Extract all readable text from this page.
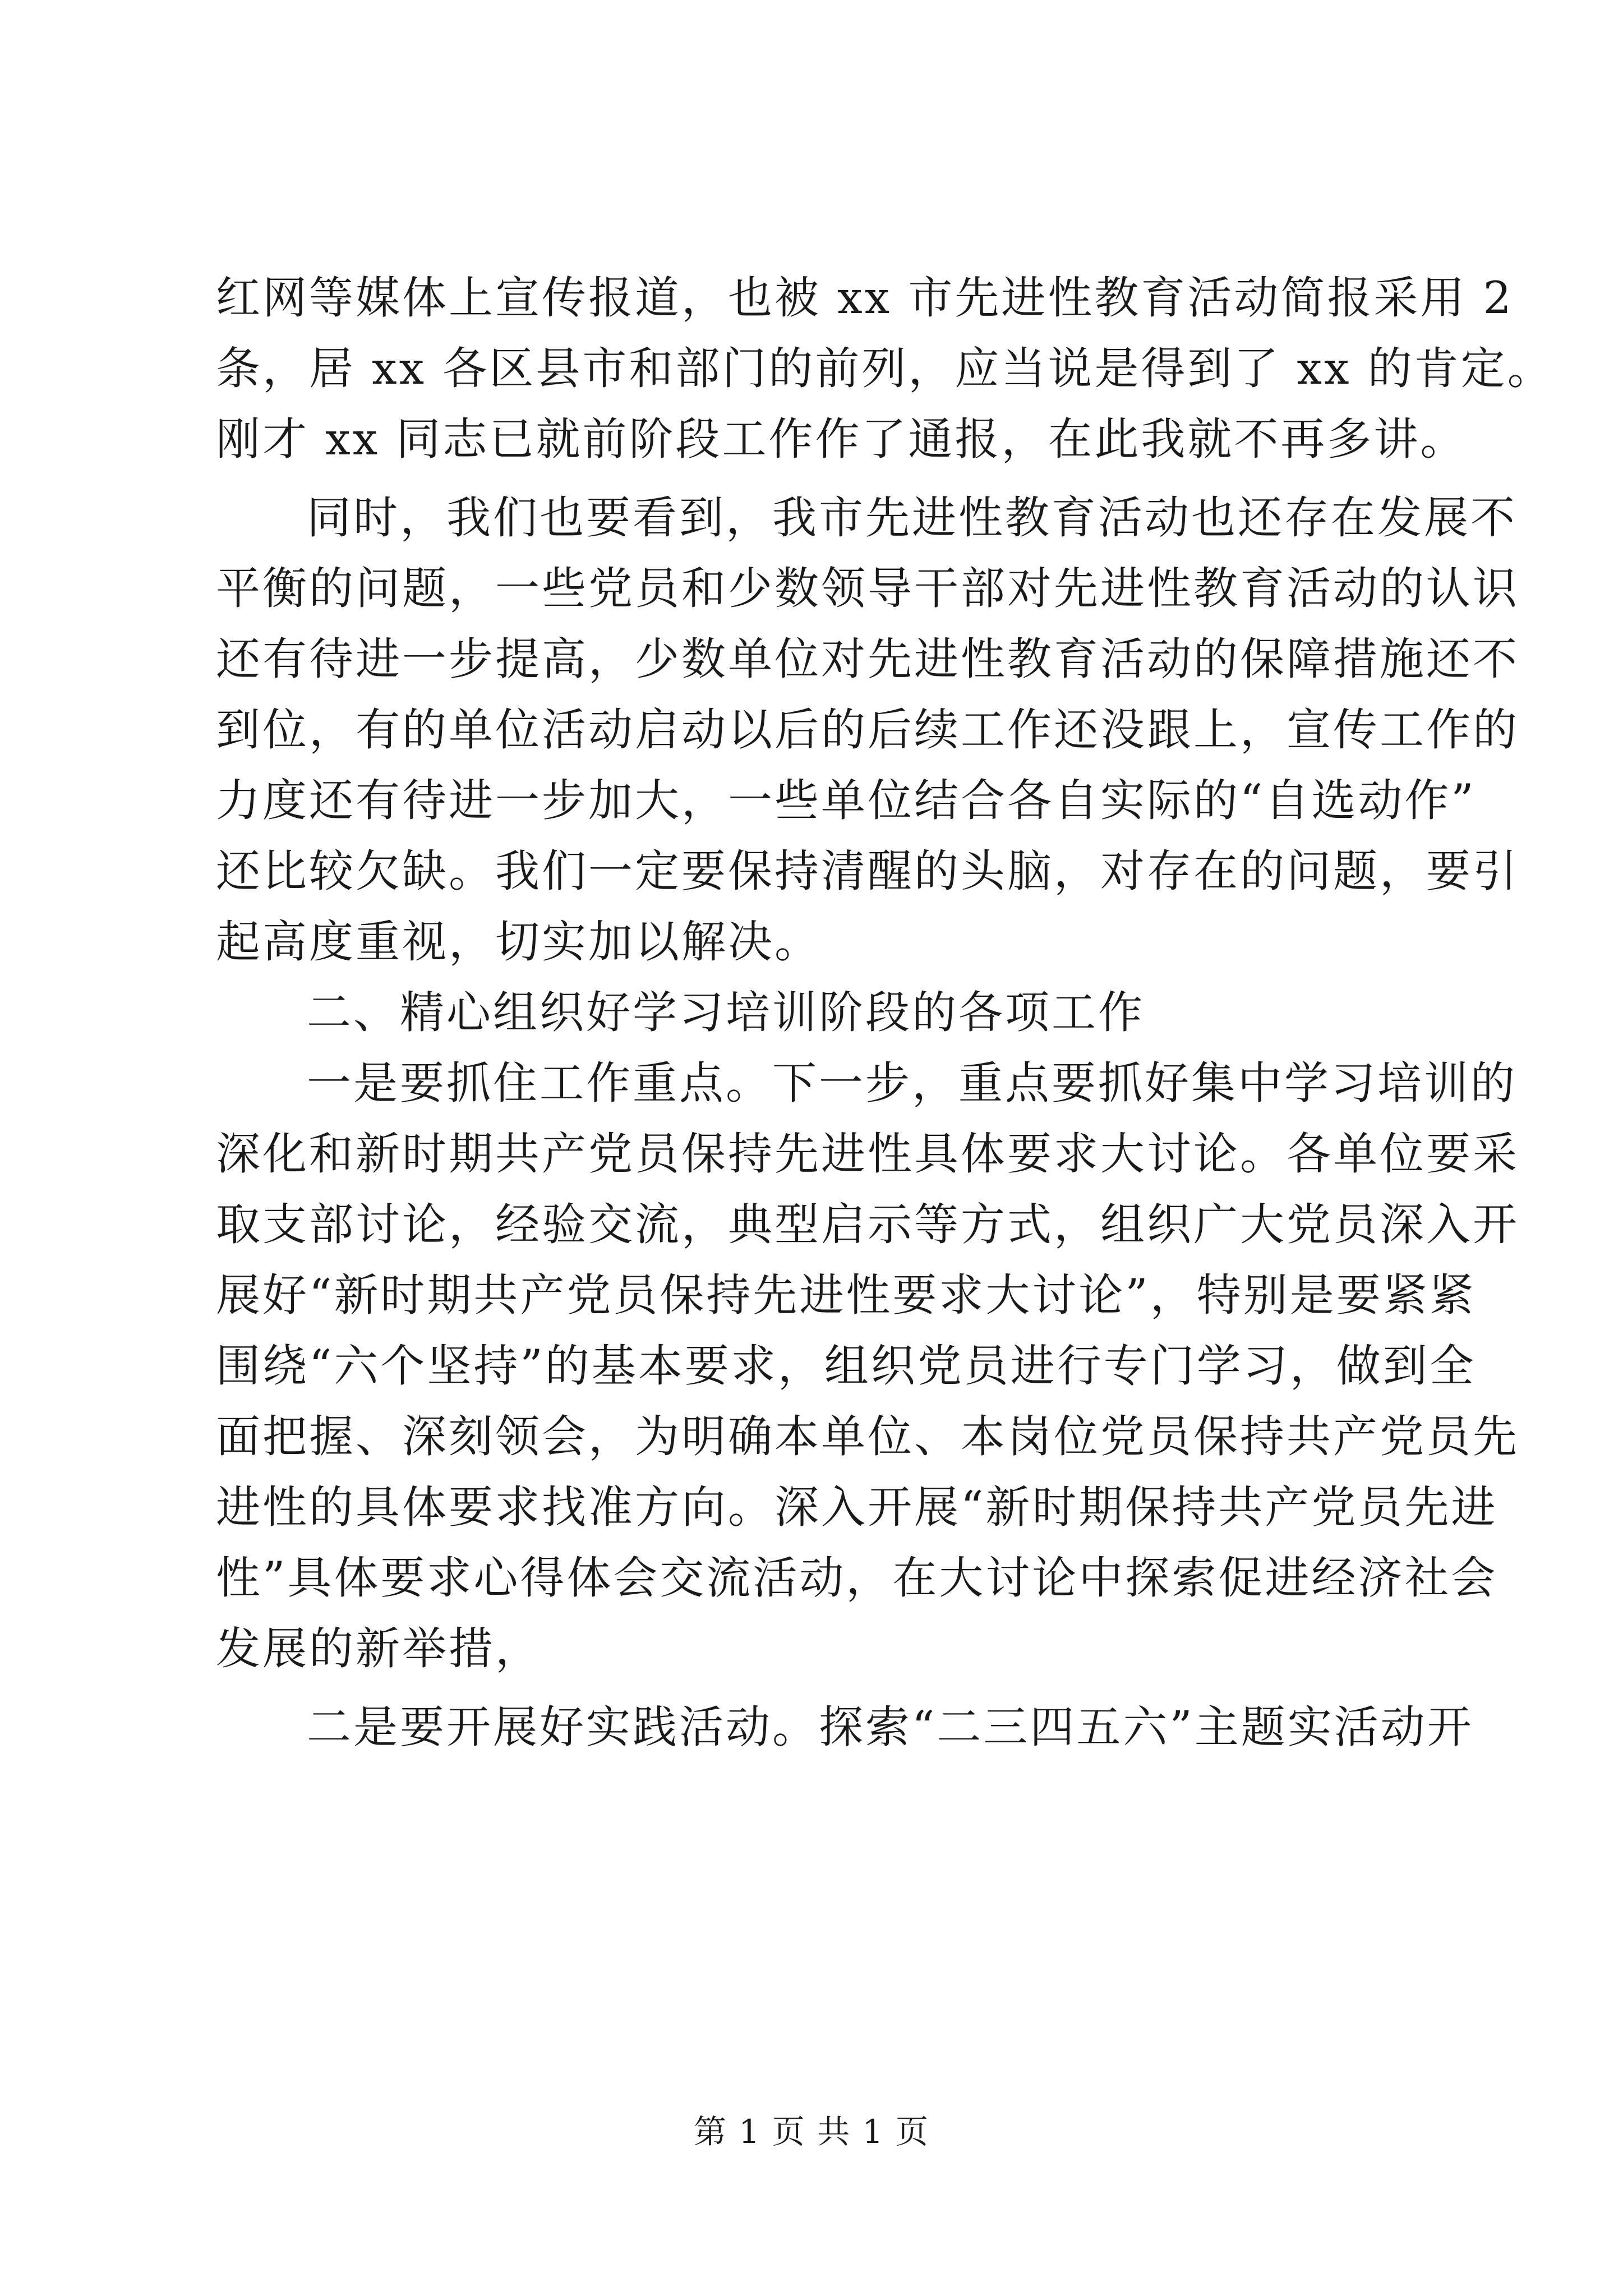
红网等媒体上宣传报道，也被 xx 市先进性教育活动简报采用 2
条，居 xx 各区县市和部门的前列，应当说是得到了 xx 的肯定。
刚才 xx 同志已就前阶段工作作了通报，在此我就不再多讲。
同时，我们也要看到，我市先进性教育活动也还存在发展不
平衡的问题，一些党员和少数领导干部对先进性教育活动的认识
还有待进一步提高，少数单位对先进性教育活动的保障措施还不
到位，有的单位活动启动以后的后续工作还没跟上，宣传工作的
力度还有待进一步加大，一些单位结合各自实际的“自选动作”
还比较欠缺。我们一定要保持清醒的头脑，对存在的问题，要引
起高度重视，切实加以解决。
二、精心组织好学习培训阶段的各项工作
一是要抓住工作重点。下一步，重点要抓好集中学习培训的
深化和新时期共产党员保持先进性具体要求大讨论。各单位要采
取支部讨论，经验交流，典型启示等方式，组织广大党员深入开
展好“新时期共产党员保持先进性要求大讨论”，特别是要紧紧
围绕“六个坚持”的基本要求，组织党员进行专门学习，做到全
面把握、深刻领会，为明确本单位、本岗位党员保持共产党员先
进性的具体要求找准方向。深入开展“新时期保持共产党员先进
性”具体要求心得体会交流活动，在大讨论中探索促进经济社会
发展的新举措，
二是要开展好实践活动。探索“二三四五六”主题实活动开
第 1 页 共 1 页
